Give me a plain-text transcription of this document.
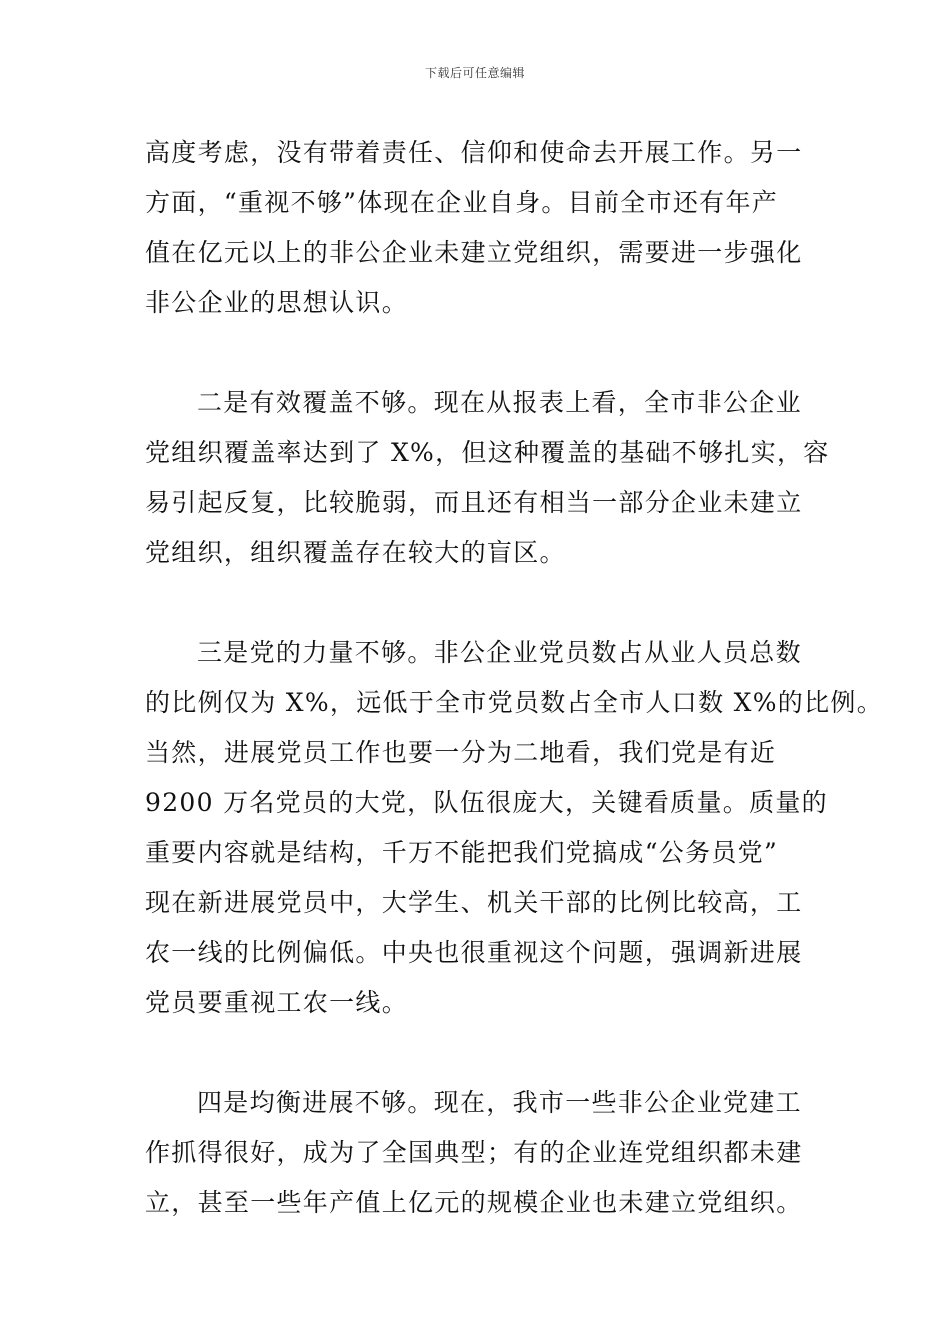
下载后可任意编辑
高度考虑，没有带着责任、信仰和使命去开展工作。另一
方面，“重视不够”体现在企业自身。目前全市还有年产
值在亿元以上的非公企业未建立党组织，需要进一步强化
非公企业的思想认识。
二是有效覆盖不够。现在从报表上看，全市非公企业
党组织覆盖率达到了 X%，但这种覆盖的基础不够扎实，容
易引起反复，比较脆弱，而且还有相当一部分企业未建立
党组织，组织覆盖存在较大的盲区。
三是党的力量不够。非公企业党员数占从业人员总数
的比例仅为 X%，远低于全市党员数占全市人口数 X%的比例。
当然，进展党员工作也要一分为二地看，我们党是有近
9200 万名党员的大党，队伍很庞大，关键看质量。质量的
重要内容就是结构，千万不能把我们党搞成“公务员党”
现在新进展党员中，大学生、机关干部的比例比较高，工
农一线的比例偏低。中央也很重视这个问题，强调新进展
党员要重视工农一线。
四是均衡进展不够。现在，我市一些非公企业党建工
作抓得很好，成为了全国典型；有的企业连党组织都未建
立，甚至一些年产值上亿元的规模企业也未建立党组织。
